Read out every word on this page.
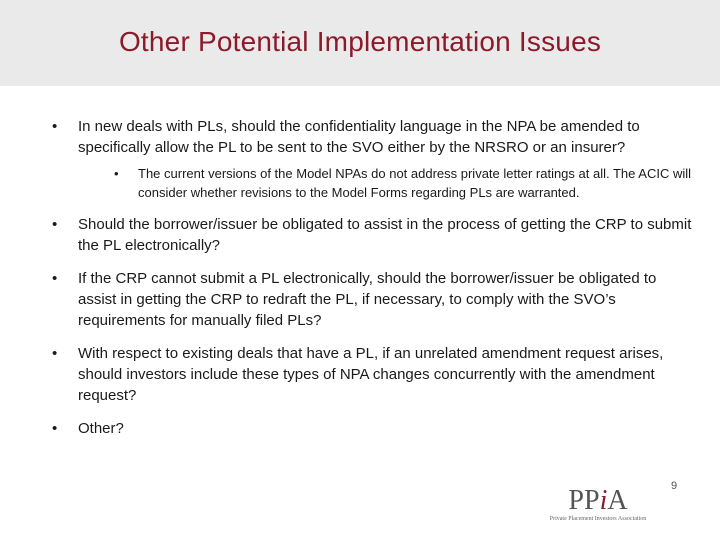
Other Potential Implementation Issues
• In new deals with PLs, should the confidentiality language in the NPA be amended to specifically allow the PL to be sent to the SVO either by the NRSRO or an insurer?
• The current versions of the Model NPAs do not address private letter ratings at all. The ACIC will consider whether revisions to the Model Forms regarding PLs are warranted.
• Should the borrower/issuer be obligated to assist in the process of getting the CRP to submit the PL electronically?
• If the CRP cannot submit a PL electronically, should the borrower/issuer be obligated to assist in getting the CRP to redraft the PL, if necessary, to comply with the SVO’s requirements for manually filed PLs?
• With respect to existing deals that have a PL, if an unrelated amendment request arises, should investors include these types of NPA changes concurrently with the amendment request?
• Other?
PPiA
Private Placement Investors Association
9
